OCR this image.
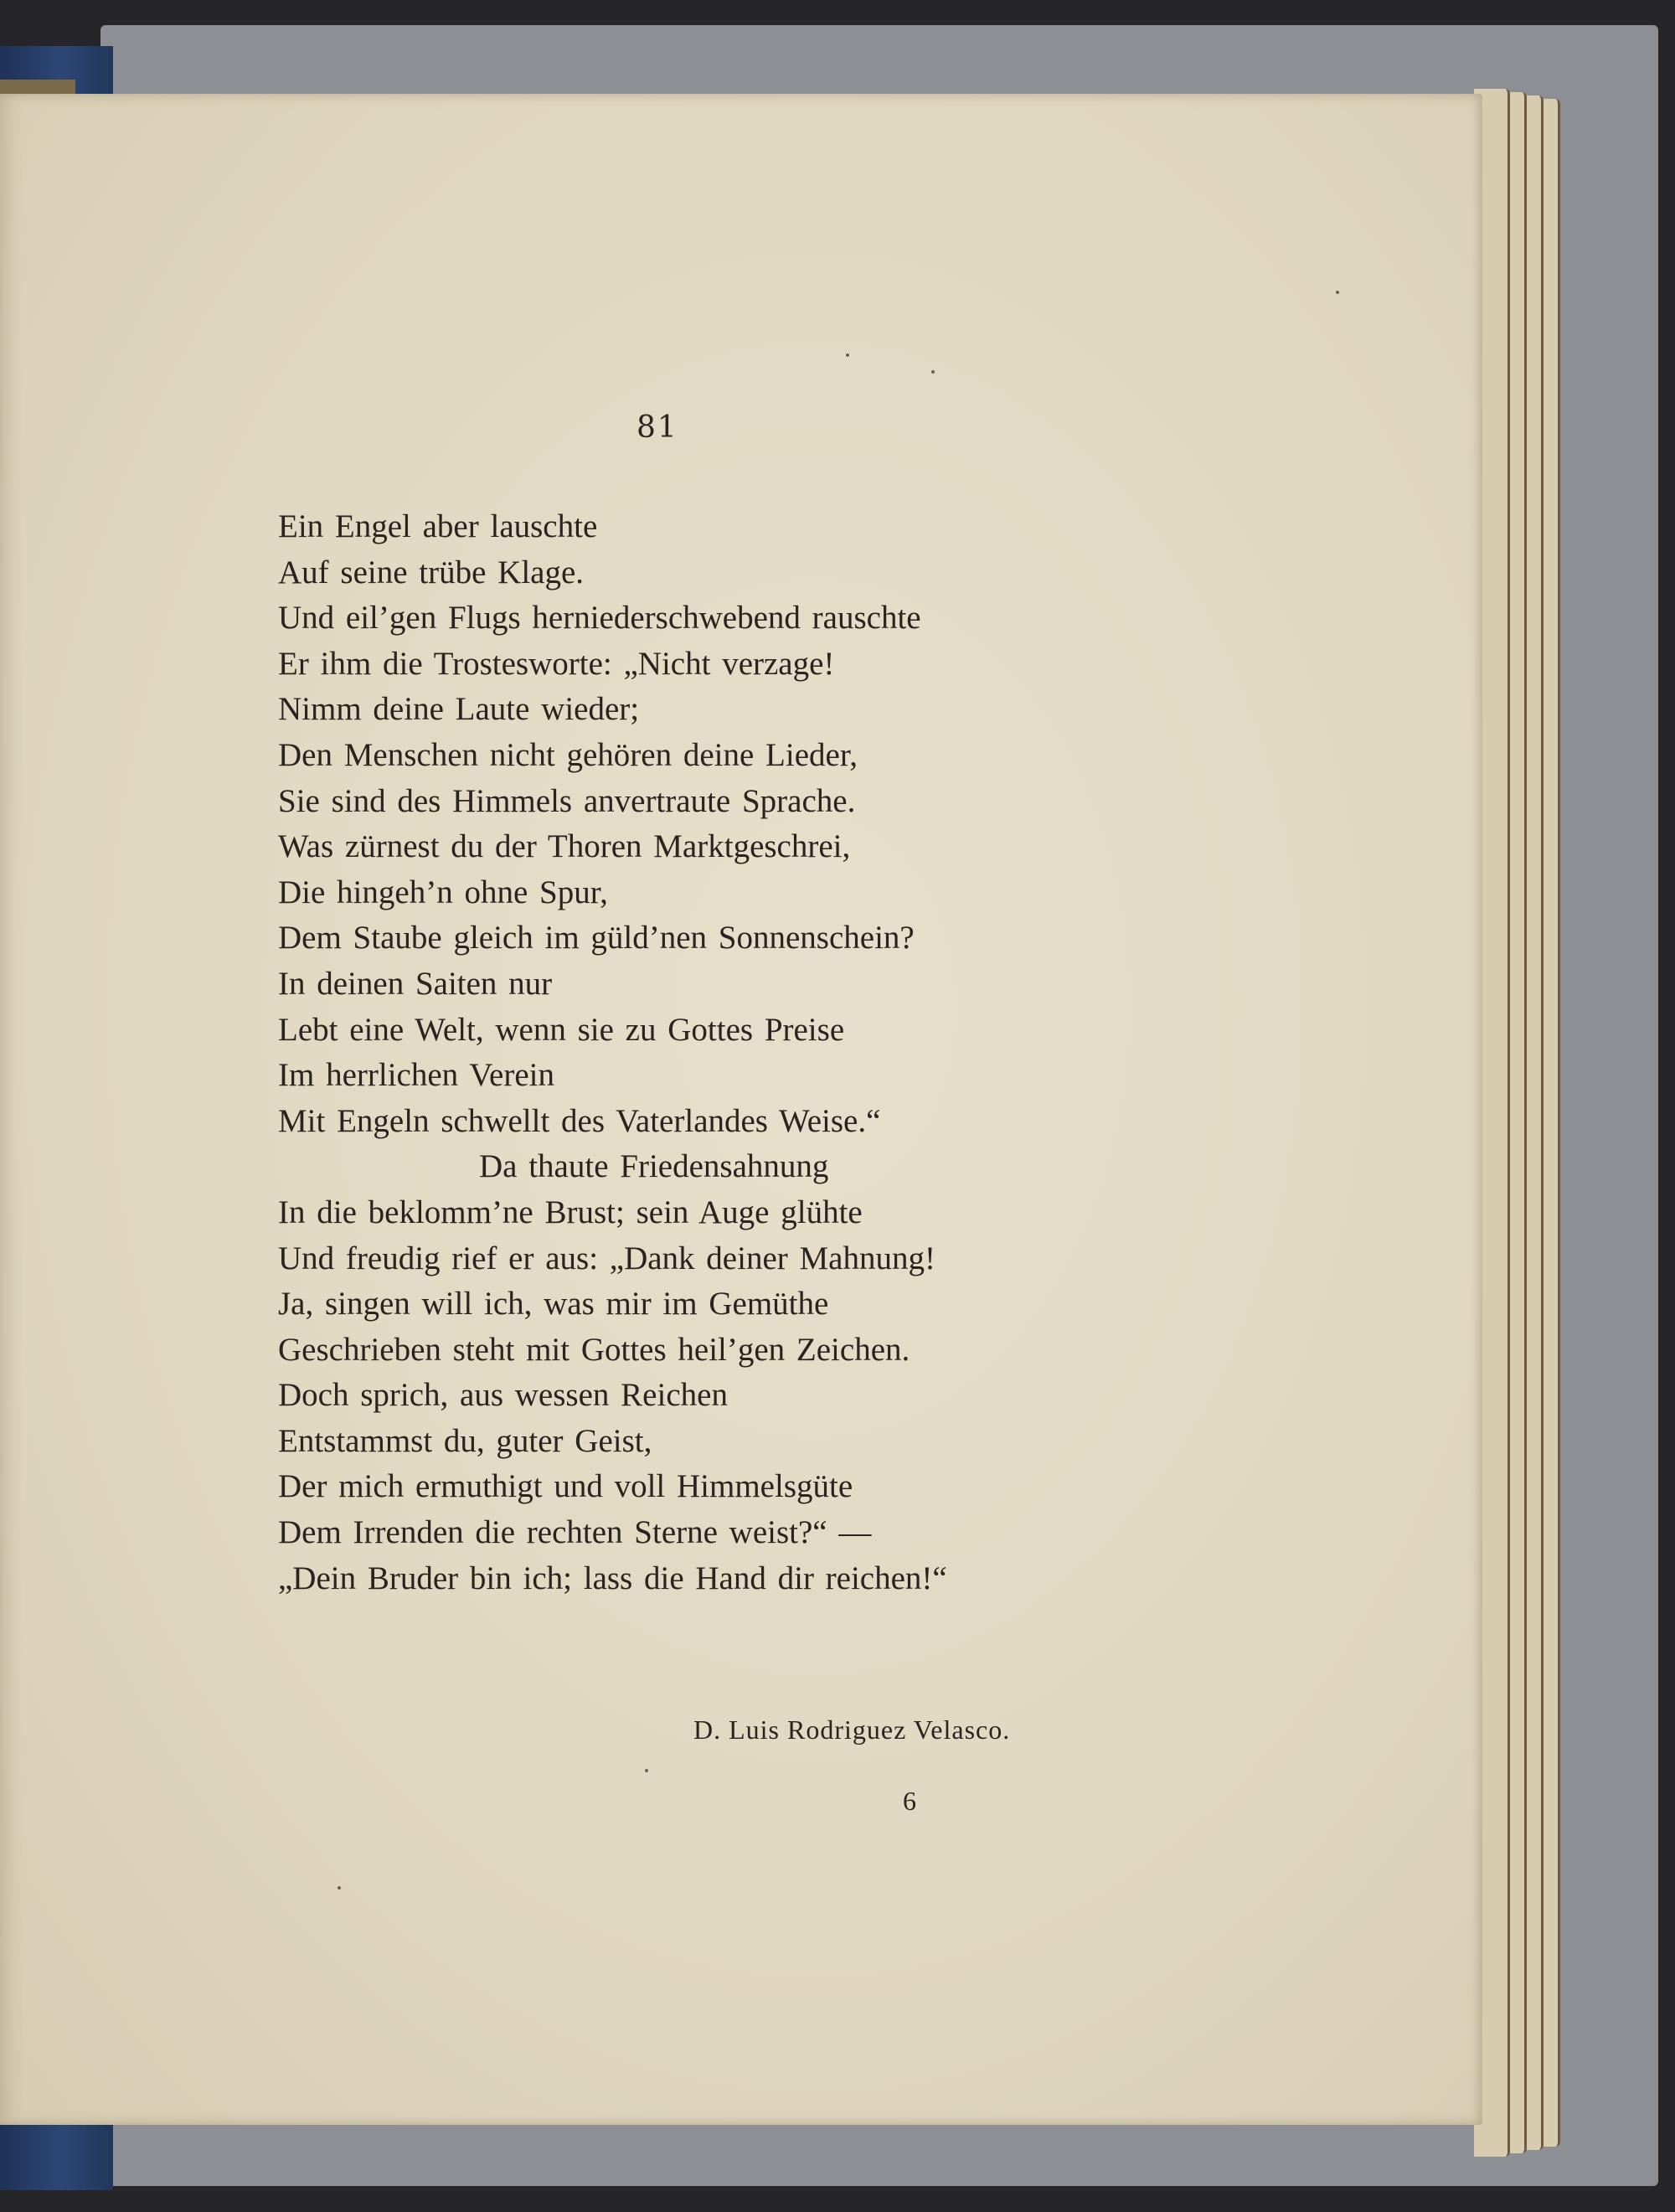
81
Ein Engel aber lauschte
Auf seine trübe Klage.
Und eil’gen Flugs herniederschwebend rauschte
Er ihm die Trostesworte: „Nicht verzage!
Nimm deine Laute wieder;
Den Menschen nicht gehören deine Lieder,
Sie sind des Himmels anvertraute Sprache.
Was zürnest du der Thoren Marktgeschrei,
Die hingeh’n ohne Spur,
Dem Staube gleich im güld’nen Sonnenschein?
In deinen Saiten nur
Lebt eine Welt, wenn sie zu Gottes Preise
Im herrlichen Verein
Mit Engeln schwellt des Vaterlandes Weise.“
Da thaute Friedensahnung
In die beklomm’ne Brust; sein Auge glühte
Und freudig rief er aus: „Dank deiner Mahnung!
Ja, singen will ich, was mir im Gemüthe
Geschrieben steht mit Gottes heil’gen Zeichen.
Doch sprich, aus wessen Reichen
Entstammst du, guter Geist,
Der mich ermuthigt und voll Himmelsgüte
Dem Irrenden die rechten Sterne weist?“ —
„Dein Bruder bin ich; lass die Hand dir reichen!“
D. Luis Rodriguez Velasco.
6
